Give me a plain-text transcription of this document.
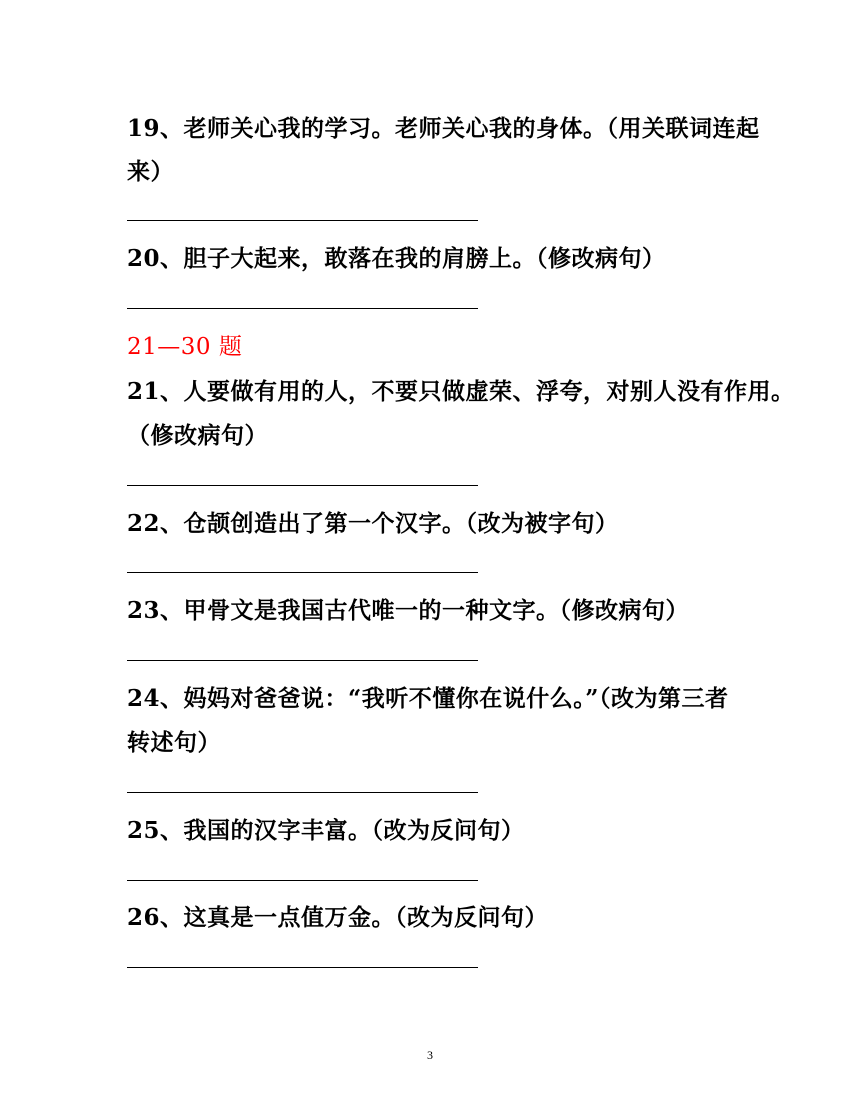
19、老师关心我的学习。老师关心我的身体。（用关联词连起
来）
20、胆子大起来，敢落在我的肩膀上。（修改病句）
21—30 题
21、人要做有用的人，不要只做虚荣、浮夸，对别人没有作用。
（修改病句）
22、仓颉创造出了第一个汉字。（改为被字句）
23、甲骨文是我国古代唯一的一种文字。（修改病句）
24、妈妈对爸爸说：“我听不懂你在说什么。”（改为第三者
转述句）
25、我国的汉字丰富。（改为反问句）
26、这真是一点值万金。（改为反问句）
3
